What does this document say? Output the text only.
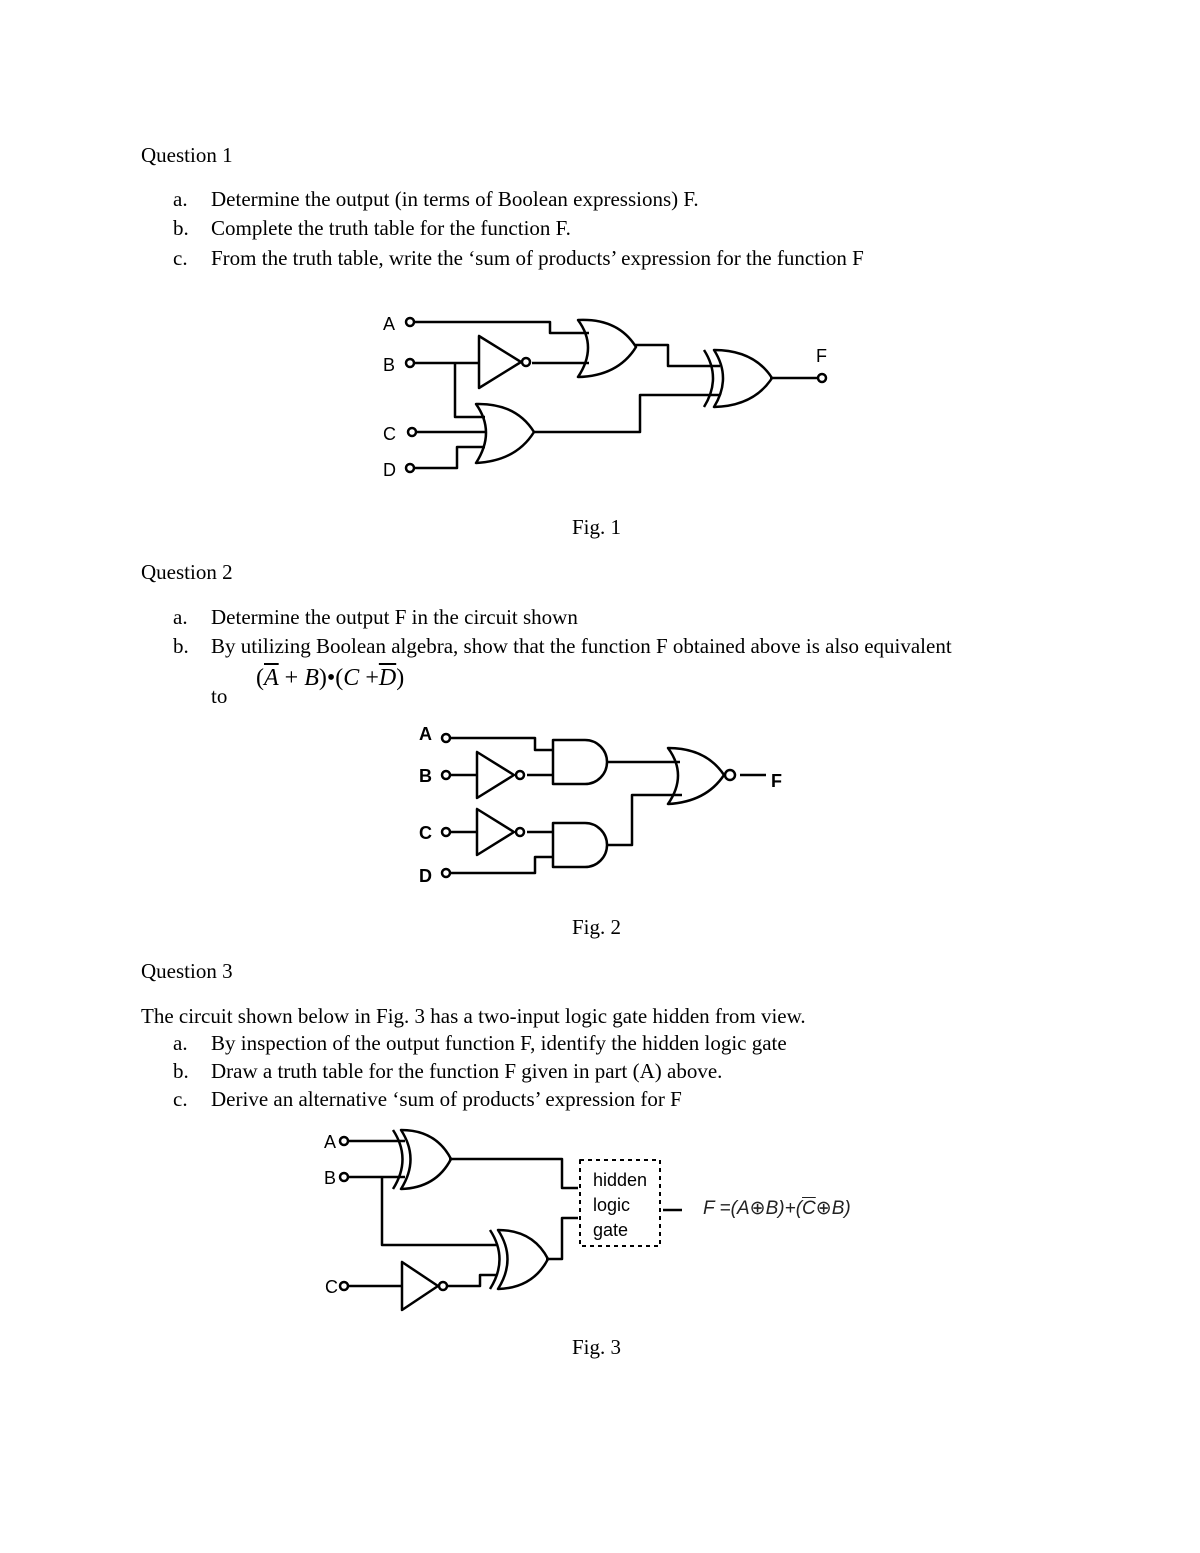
Question 1
a. Determine the output (in terms of Boolean expressions) F.
b. Complete the truth table for the function F.
c. From the truth table, write the ‘sum of products’ expression for the function F
A
B
C
D
F
Fig. 1
Question 2
a. Determine the output F in the circuit shown
b. By utilizing Boolean algebra, show that the function F obtained above is also equivalent
to
($\overline{A}$ + B)•(C $+\overline{D}$)
A
B
C
D
F
Fig. 2
Question 3
The circuit shown below in Fig. 3 has a two-input logic gate hidden from view.
a. By inspection of the output function F, identify the hidden logic gate
b. Draw a truth table for the function F given in part (A) above.
c. Derive an alternative ‘sum of products’ expression for F
A
B
C
hidden
logic
gate
$F =(A\oplus B)+(\overline{C}\oplus B)$
Fig. 3
